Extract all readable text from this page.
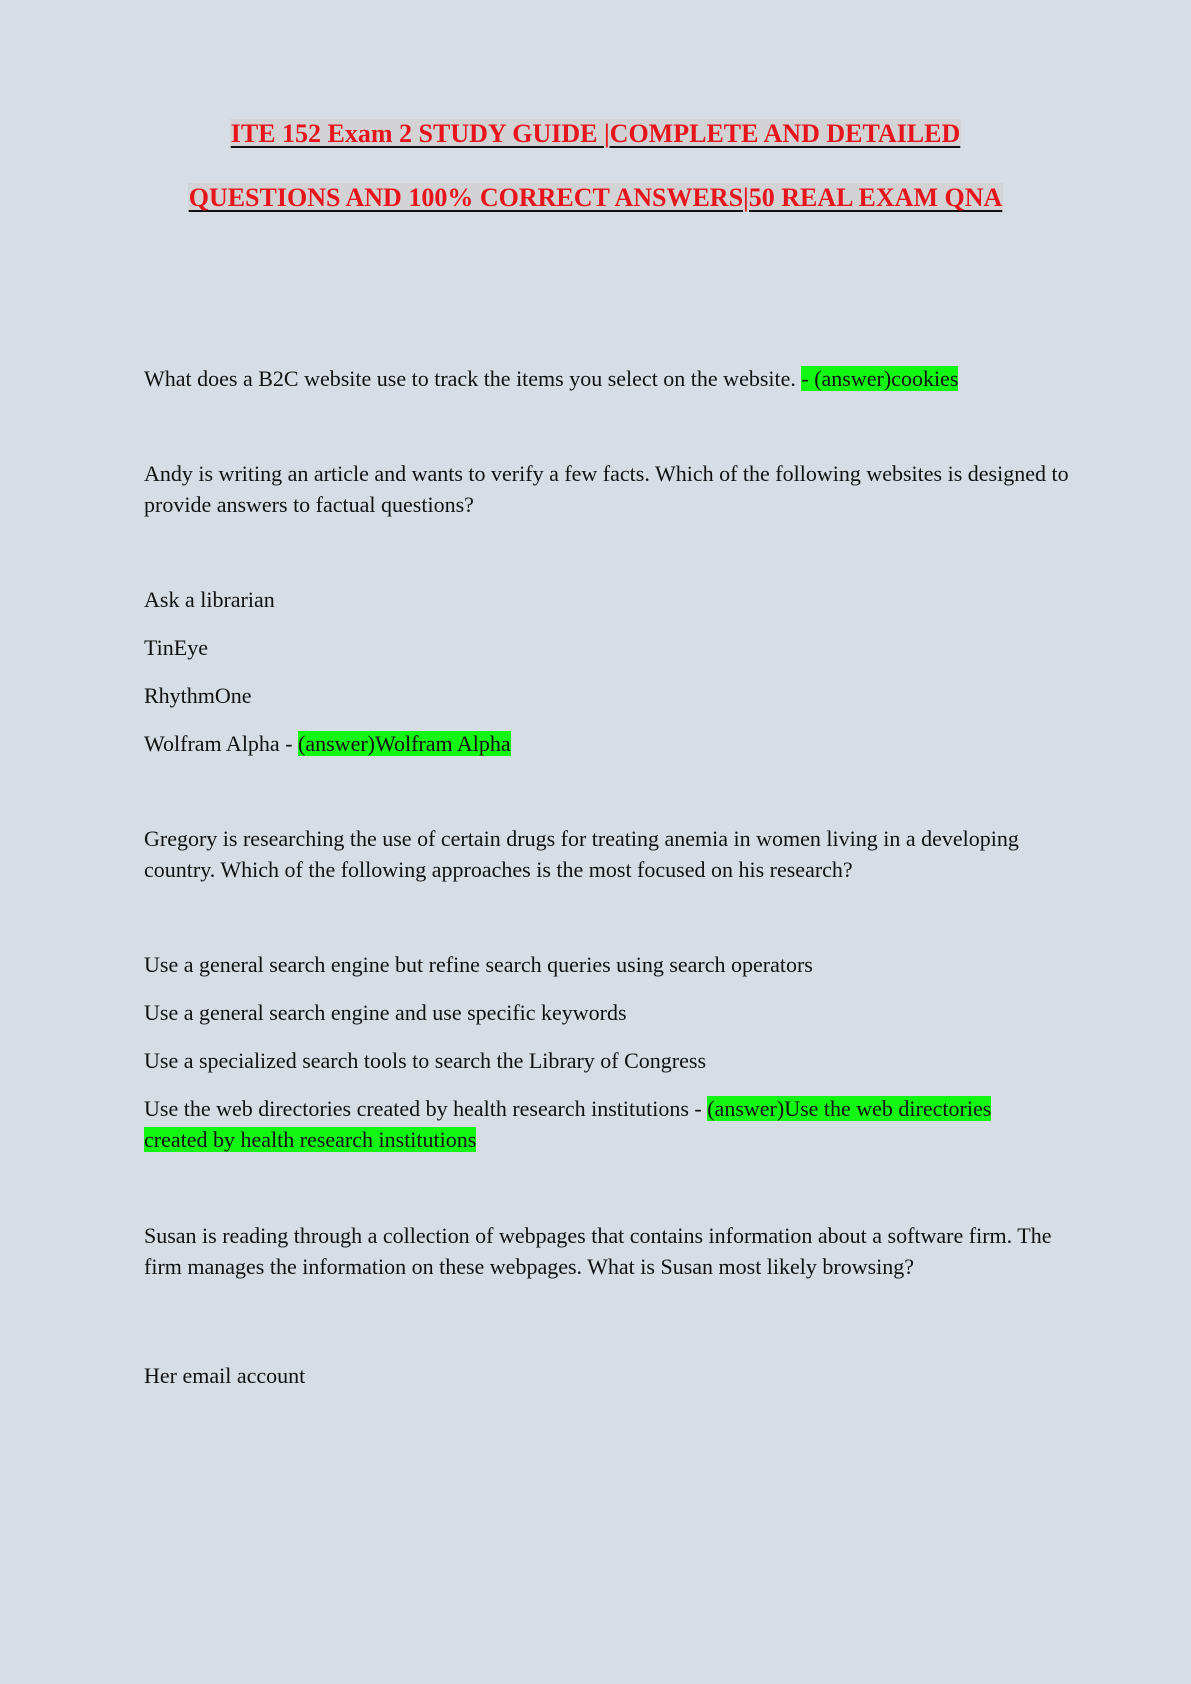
ITE 152 Exam 2 STUDY GUIDE |COMPLETE AND DETAILED
QUESTIONS AND 100% CORRECT ANSWERS|50 REAL EXAM QNA

What does a B2C website use to track the items you select on the website. - (answer)cookies

Andy is writing an article and wants to verify a few facts. Which of the following websites is designed to provide answers to factual questions?

Ask a librarian

TinEye

RhythmOne

Wolfram Alpha - (answer)Wolfram Alpha

Gregory is researching the use of certain drugs for treating anemia in women living in a developing country. Which of the following approaches is the most focused on his research?

Use a general search engine but refine search queries using search operators

Use a general search engine and use specific keywords

Use a specialized search tools to search the Library of Congress

Use the web directories created by health research institutions - (answer)Use the web directories
created by health research institutions

Susan is reading through a collection of webpages that contains information about a software firm. The firm manages the information on these webpages. What is Susan most likely browsing?

Her email account
